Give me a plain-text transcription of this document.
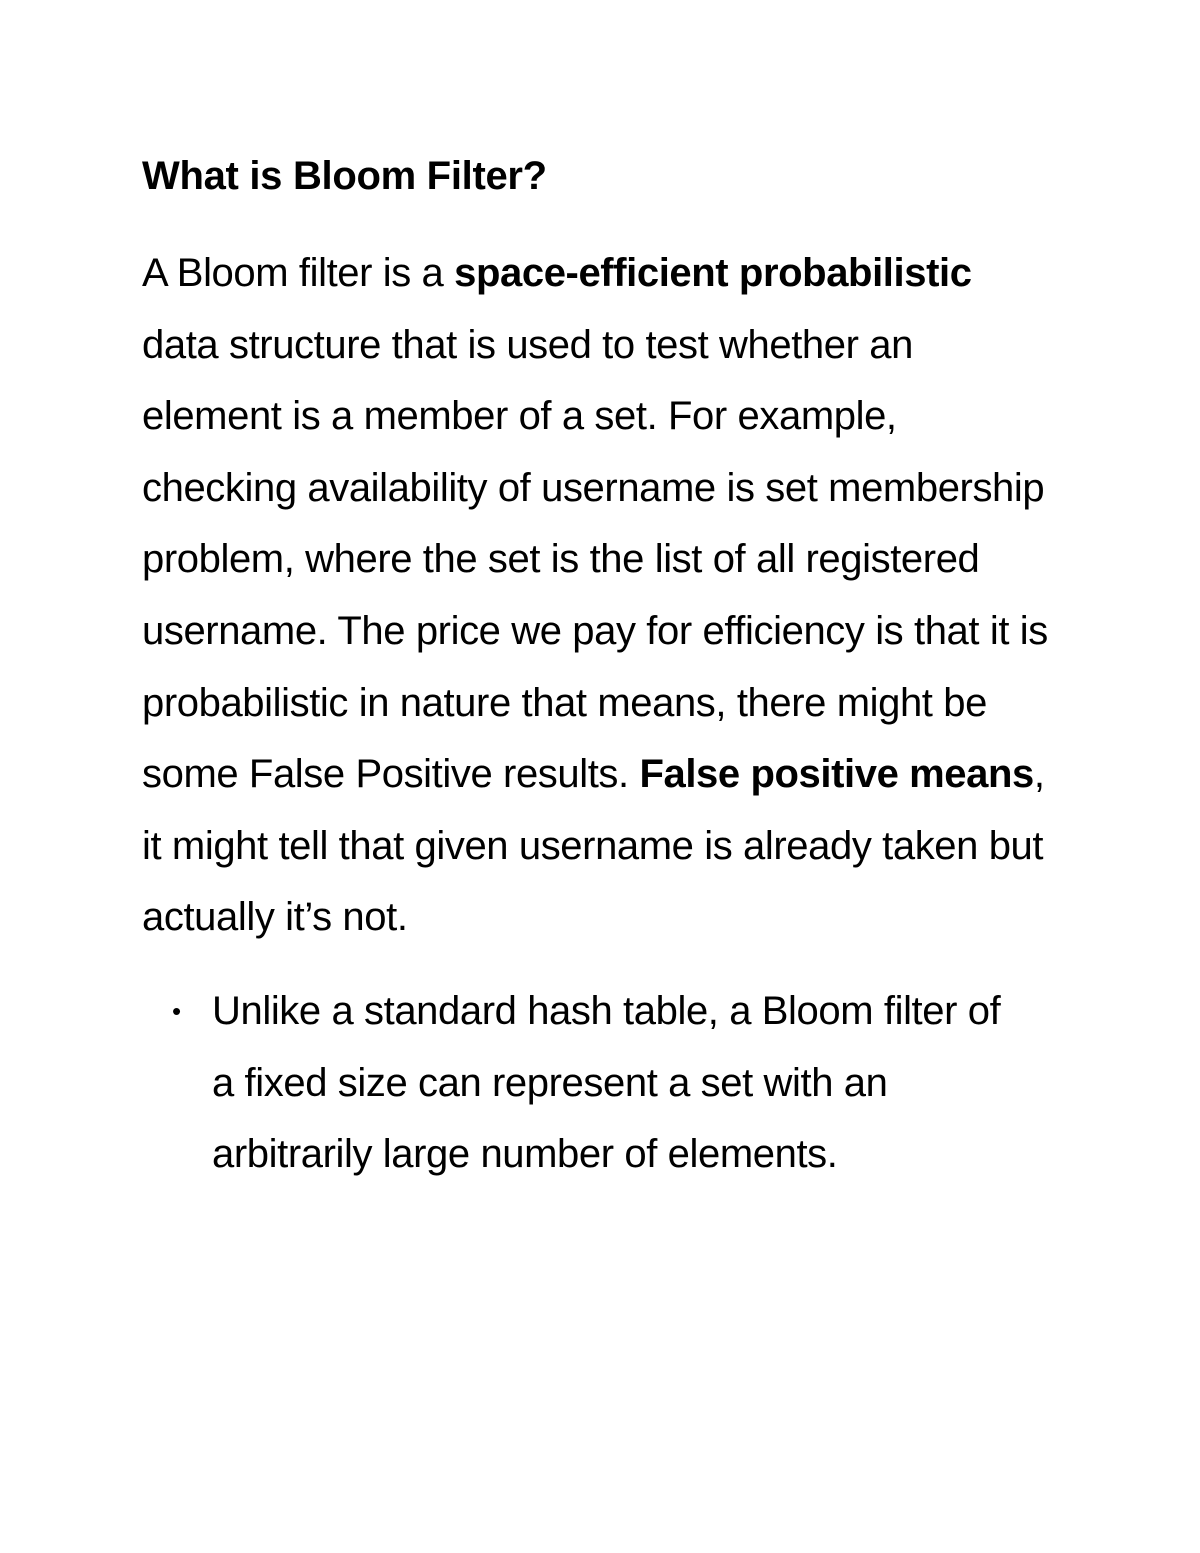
What is Bloom Filter?

A Bloom filter is a space-efficient probabilistic data structure that is used to test whether an element is a member of a set. For example, checking availability of username is set membership problem, where the set is the list of all registered username. The price we pay for efficiency is that it is probabilistic in nature that means, there might be some False Positive results. False positive means, it might tell that given username is already taken but actually it’s not.

• Unlike a standard hash table, a Bloom filter of a fixed size can represent a set with an arbitrarily large number of elements.
